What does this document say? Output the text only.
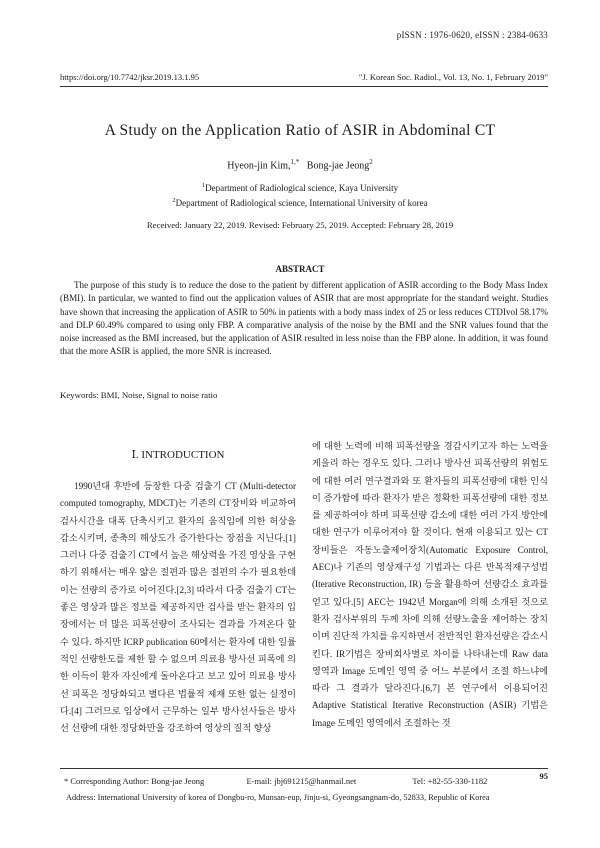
pISSN : 1976-0620, eISSN : 2384-0633
https://doi.org/10.7742/jksr.2019.13.1.95	"J. Korean Soc. Radiol., Vol. 13, No. 1, February 2019"
A Study on the Application Ratio of ASIR in Abdominal CT
Hyeon-jin Kim,$^{1,*}$ Bong-jae Jeong$^2$
$^1$Department of Radiological science, Kaya University
$^2$Department of Radiological science, International University of korea
Received: January 22, 2019. Revised: February 25, 2019. Accepted: February 28, 2019
ABSTRACT

The purpose of this study is to reduce the dose to the patient by different application of ASIR according to the Body Mass Index (BMI). In particular, we wanted to find out the application values of ASIR that are most appropriate for the standard weight. Studies have shown that increasing the application of ASIR to 50% in patients with a body mass index of 25 or less reduces CTDIvol 58.17% and DLP 60.49% compared to using only FBP. A comparative analysis of the noise by the BMI and the SNR values found that the noise increased as the BMI increased, but the application of ASIR resulted in less noise than the FBP alone. In addition, it was found that the more ASIR is applied, the more SNR is increased.

Keywords: BMI, Noise, Signal to noise ratio
Ⅰ. INTRODUCTION

1990년대 후반에 등장한 다중 검출기 CT (Multi-detector computed tomography, MDCT)는 기존의 CT장비와 비교하여 검사시간을 대폭 단축시키고 환자의 움직임에 의한 허상을 감소시키며, 종축의 해상도가 증가한다는 장점을 지닌다.[1] 그러나 다중 검출기 CT에서 높은 해상력을 가진 영상을 구현하기 위해서는 매우 얇은 절편과 많은 절편의 수가 필요한데 이는 선량의 증가로 이어진다.[2,3] 따라서 다중 검출기 CT는 좋은 영상과 많은 정보를 제공하지만 검사를 받는 환자의 입장에서는 더 많은 피폭선량이 조사되는 결과를 가져온다 할 수 있다. 하지만 ICRP publication 60에서는 환자에 대한 일률적인 선량한도를 제한 할 수 없으며 의료용 방사선 피폭에 의한 이득이 환자 자신에게 돌아온다고 보고 있어 의료용 방사선 피폭은 정당화되고 별다른 법률적 제재 또한 없는 실정이다.[4] 그러므로 임상에서 근무하는 일부 방사선사들은 방사선 선량에 대한 정당화만을 강조하여 영상의 질적 향상

에 대한 노력에 비해 피폭선량을 경감시키고자 하는 노력을 게을리 하는 경우도 있다. 그러나 방사선 피폭선량의 위험도에 대한 여러 연구결과와 또 환자들의 피폭선량에 대한 인식이 증가함에 따라 환자가 받은 정확한 피폭선량에 대한 정보를 제공하여야 하며 피폭선량 감소에 대한 여러 가지 방안에 대한 연구가 이루어져야 할 것이다. 현재 이용되고 있는 CT 장비들은 자동노출제어장치(Automatic Exposure Control, AEC)나 기존의 영상재구성 기법과는 다른 반복적재구성법(Iterative Reconstruction, IR) 등을 활용하여 선량감소 효과를 얻고 있다.[5] AEC는 1942년 Morgan에 의해 소개된 것으로 환자 검사부위의 두께 차에 의해 선량노출을 제어하는 장치이며 진단적 가치를 유지하면서 전반적인 환자선량은 감소시킨다. IR기법은 장비회사별로 차이를 나타내는데 Raw data 영역과 Image 도메인 영역 중 어느 부분에서 조절 하느냐에 따라 그 결과가 달라진다.[6,7] 본 연구에서 이용되어진 Adaptive Statistical Iterative Reconstruction (ASIR) 기법은 Image 도메인 영역에서 조절하는 것

95
* Corresponding Author: Bong-jae Jeong	E-mail: jbj691215@hanmail.net	Tel: +82-55-330-1182
Address: International University of korea of Dongbu-ro, Munsan-eup, Jinju-si, Gyeongsangnam-do, 52833, Republic of Korea
